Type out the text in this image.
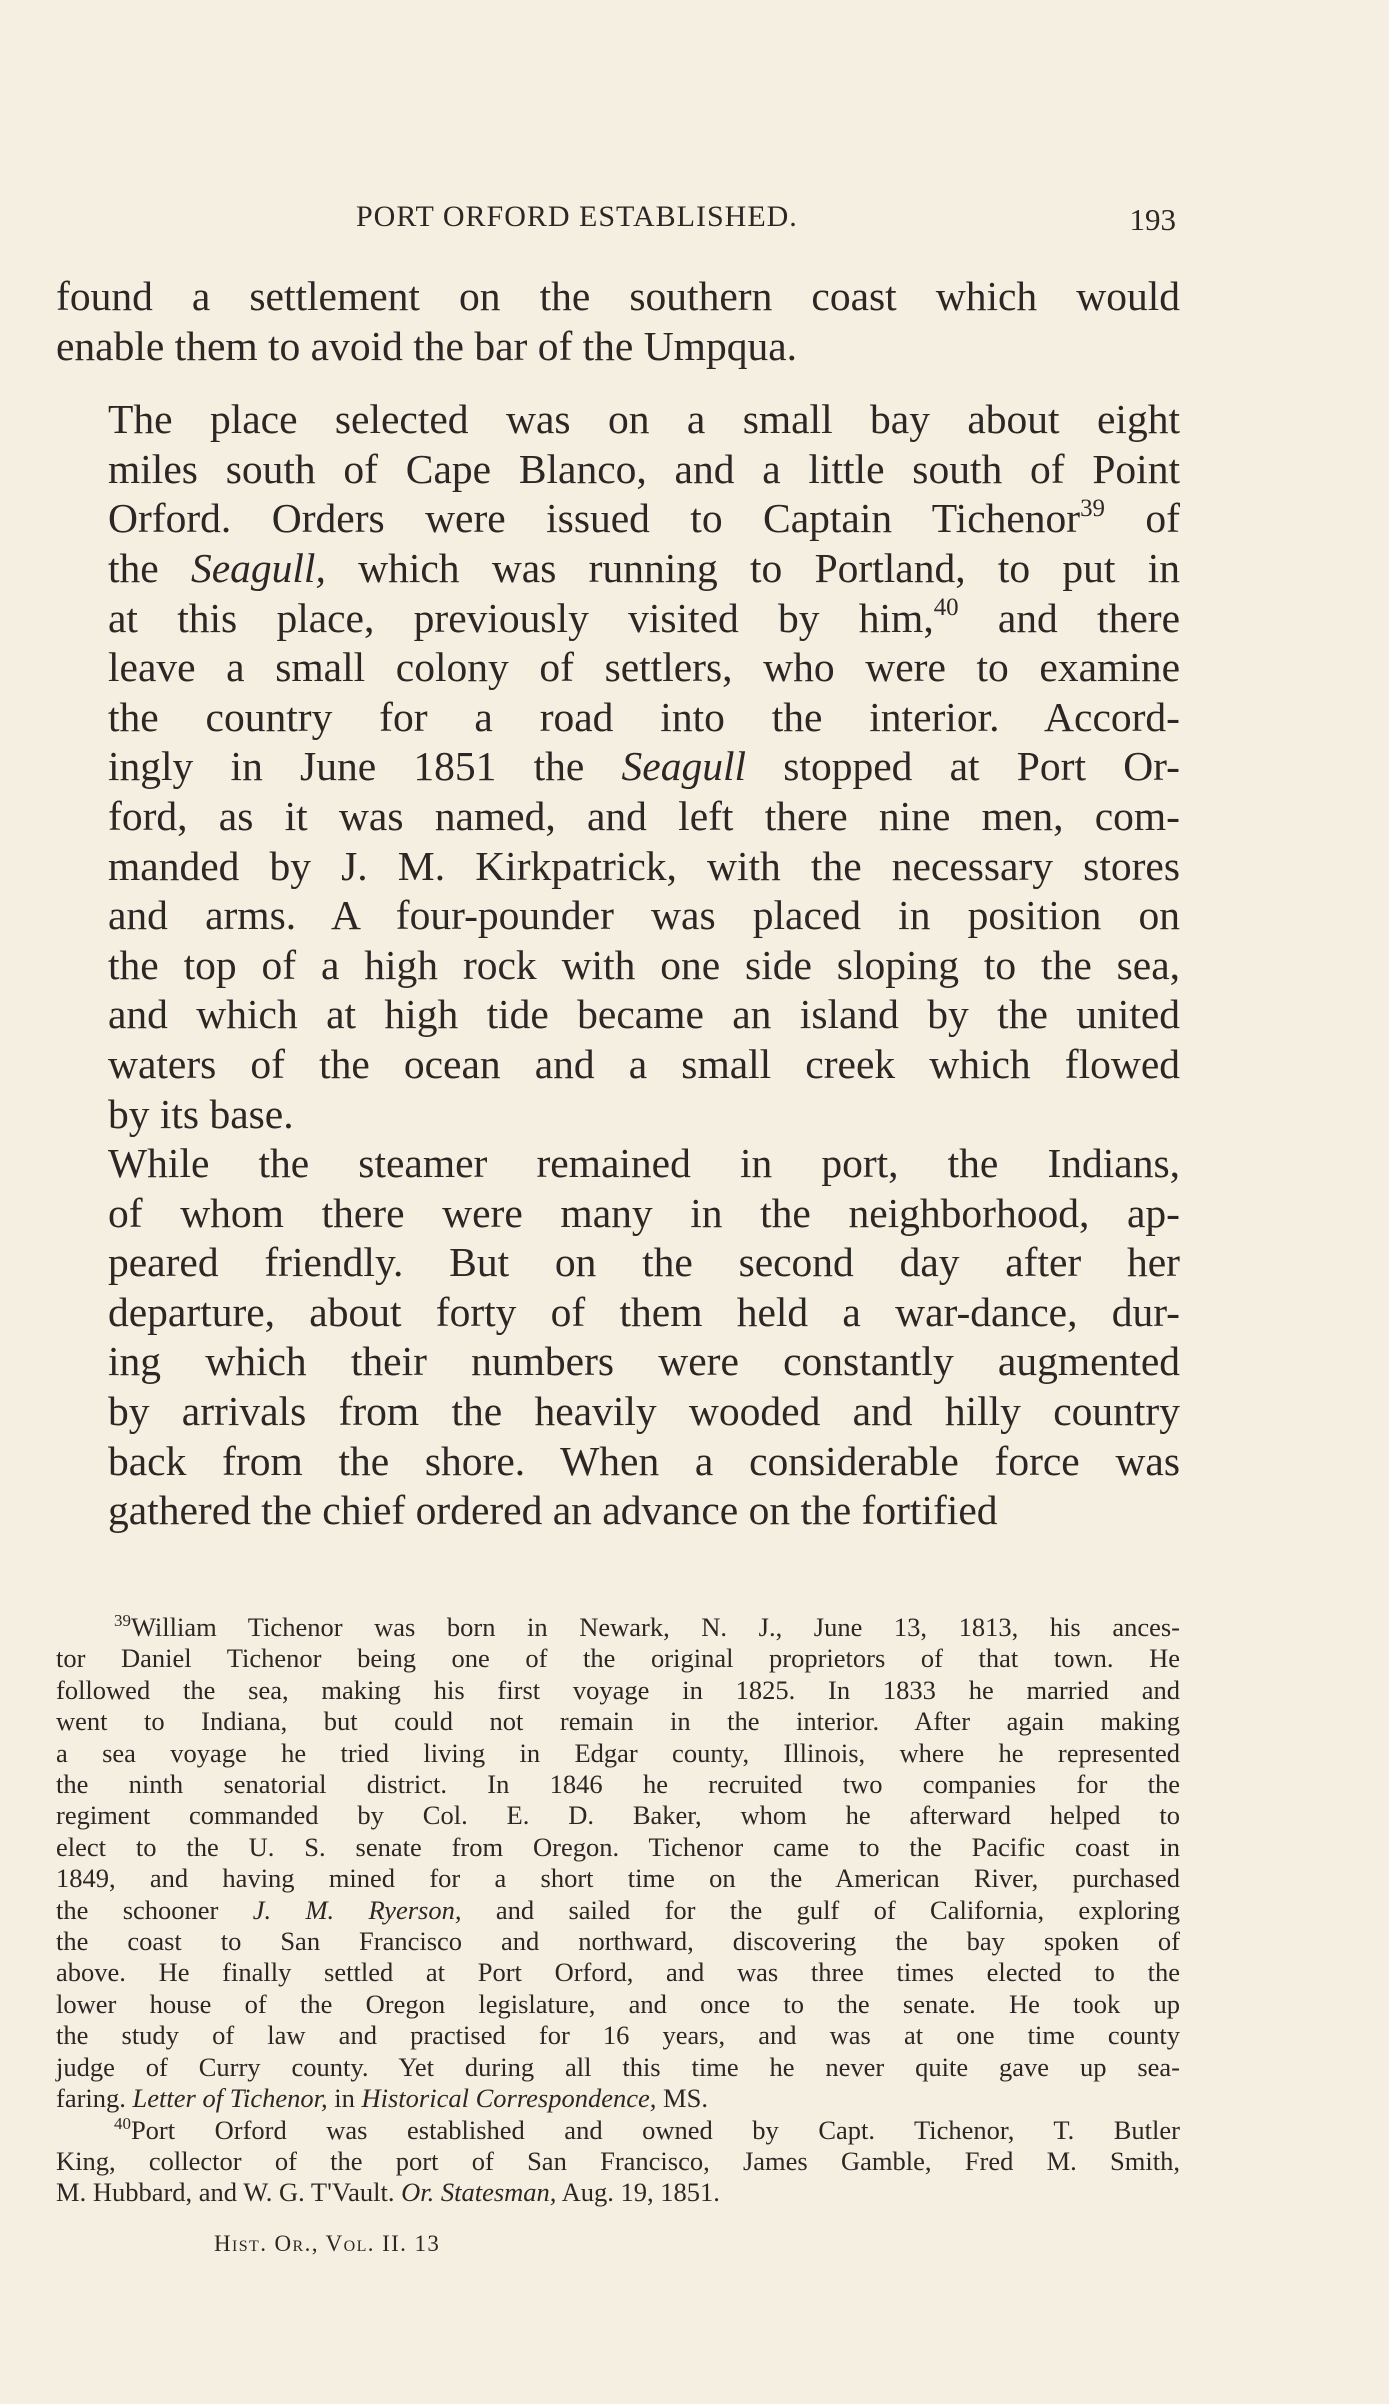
PORT ORFORD ESTABLISHED.	193

found a settlement on the southern coast which would
enable them to avoid the bar of the Umpqua.

The place selected was on a small bay about eight
miles south of Cape Blanco, and a little south of Point
Orford. Orders were issued to Captain Tichenor$^{39}$ of
the Seagull, which was running to Portland, to put in
at this place, previously visited by him,$^{40}$ and there
leave a small colony of settlers, who were to examine
the country for a road into the interior. Accord-
ingly in June 1851 the Seagull stopped at Port Or-
ford, as it was named, and left there nine men, com-
manded by J. M. Kirkpatrick, with the necessary stores
and arms. A four-pounder was placed in position on
the top of a high rock with one side sloping to the sea,
and which at high tide became an island by the united
waters of the ocean and a small creek which flowed
by its base.

While the steamer remained in port, the Indians,
of whom there were many in the neighborhood, ap-
peared friendly. But on the second day after her
departure, about forty of them held a war-dance, dur-
ing which their numbers were constantly augmented
by arrivals from the heavily wooded and hilly country
back from the shore. When a considerable force was
gathered the chief ordered an advance on the fortified

$^{39}$William Tichenor was born in Newark, N. J., June 13, 1813, his ances-
tor Daniel Tichenor being one of the original proprietors of that town. He
followed the sea, making his first voyage in 1825. In 1833 he married and
went to Indiana, but could not remain in the interior. After again making
a sea voyage he tried living in Edgar county, Illinois, where he represented
the ninth senatorial district. In 1846 he recruited two companies for the
regiment commanded by Col. E. D. Baker, whom he afterward helped to
elect to the U. S. senate from Oregon. Tichenor came to the Pacific coast in
1849, and having mined for a short time on the American River, purchased
the schooner J. M. Ryerson, and sailed for the gulf of California, exploring
the coast to San Francisco and northward, discovering the bay spoken of
above. He finally settled at Port Orford, and was three times elected to the
lower house of the Oregon legislature, and once to the senate. He took up
the study of law and practised for 16 years, and was at one time county
judge of Curry county. Yet during all this time he never quite gave up sea-
faring. Letter of Tichenor, in Historical Correspondence, MS.
$^{40}$Port Orford was established and owned by Capt. Tichenor, T. Butler
King, collector of the port of San Francisco, James Gamble, Fred M. Smith,
M. Hubbard, and W. G. T'Vault. Or. Statesman, Aug. 19, 1851.
Hist. Or., Vol. II. 13
